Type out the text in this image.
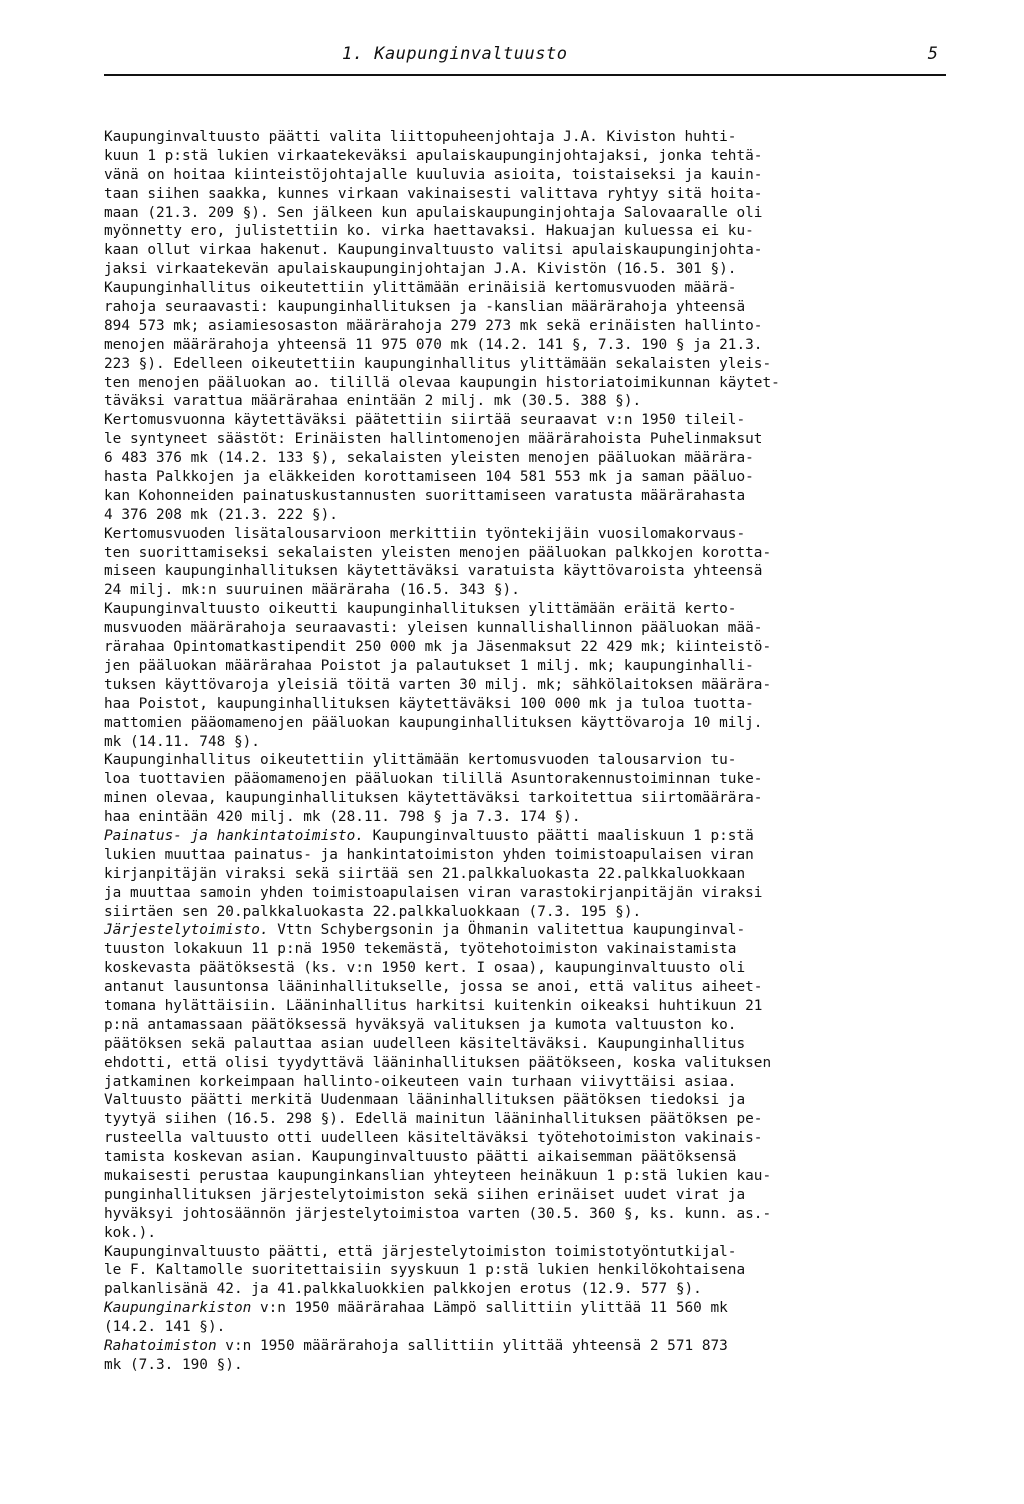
1. Kaupunginvaltuusto	5
Kaupunginvaltuusto päätti valita liittopuheenjohtaja J.A. Kiviston huhti-
kuun 1 p:stä lukien virkaatekeväksi apulaiskaupunginjohtajaksi, jonka tehtä-
vänä on hoitaa kiinteistöjohtajalle kuuluvia asioita, toistaiseksi ja kauin-
taan siihen saakka, kunnes virkaan vakinaisesti valittava ryhtyy sitä hoita-
maan (21.3. 209 §). Sen jälkeen kun apulaiskaupunginjohtaja Salovaaralle oli
myönnetty ero, julistettiin ko. virka haettavaksi. Hakuajan kuluessa ei ku-
kaan ollut virkaa hakenut. Kaupunginvaltuusto valitsi apulaiskaupunginjohta-
jaksi virkaatekevän apulaiskaupunginjohtajan J.A. Kivistön (16.5. 301 §).
Kaupunginhallitus oikeutettiin ylittämään erinäisiä kertomusvuoden määrä-
rahoja seuraavasti: kaupunginhallituksen ja -kanslian määrärahoja yhteensä
894 573 mk; asiamiesosaston määrärahoja 279 273 mk sekä erinäisten hallinto-
menojen määrärahoja yhteensä 11 975 070 mk (14.2. 141 §, 7.3. 190 § ja 21.3.
223 §). Edelleen oikeutettiin kaupunginhallitus ylittämään sekalaisten yleis-
ten menojen pääluokan ao. tilillä olevaa kaupungin historiatoimikunnan käytet-
täväksi varattua määrärahaa enintään 2 milj. mk (30.5. 388 §).
Kertomusvuonna käytettäväksi päätettiin siirtää seuraavat v:n 1950 tileil-
le syntyneet säästöt: Erinäisten hallintomenojen määrärahoista Puhelinmaksut
6 483 376 mk (14.2. 133 §), sekalaisten yleisten menojen pääluokan määrära-
hasta Palkkojen ja eläkkeiden korottamiseen 104 581 553 mk ja saman pääluo-
kan Kohonneiden painatuskustannusten suorittamiseen varatusta määrärahasta
4 376 208 mk (21.3. 222 §).
Kertomusvuoden lisätalousarvioon merkittiin työntekijäin vuosilomakorvaus-
ten suorittamiseksi sekalaisten yleisten menojen pääluokan palkkojen korotta-
miseen kaupunginhallituksen käytettäväksi varatuista käyttövaroista yhteensä
24 milj. mk:n suuruinen määräraha (16.5. 343 §).
Kaupunginvaltuusto oikeutti kaupunginhallituksen ylittämään eräitä kerto-
musvuoden määrärahoja seuraavasti: yleisen kunnallishallinnon pääluokan mää-
rärahaa Opintomatkastipendit 250 000 mk ja Jäsenmaksut 22 429 mk; kiinteistö-
jen pääluokan määrärahaa Poistot ja palautukset 1 milj. mk; kaupunginhalli-
tuksen käyttövaroja yleisiä töitä varten 30 milj. mk; sähkölaitoksen määrära-
haa Poistot, kaupunginhallituksen käytettäväksi 100 000 mk ja tuloa tuotta-
mattomien pääomamenojen pääluokan kaupunginhallituksen käyttövaroja 10 milj.
mk (14.11. 748 §).
Kaupunginhallitus oikeutettiin ylittämään kertomusvuoden talousarvion tu-
loa tuottavien pääomamenojen pääluokan tilillä Asuntorakennustoiminnan tuke-
minen olevaa, kaupunginhallituksen käytettäväksi tarkoitettua siirtomäärära-
haa enintään 420 milj. mk (28.11. 798 § ja 7.3. 174 §).
Painatus- ja hankintatoimisto. Kaupunginvaltuusto päätti maaliskuun 1 p:stä
lukien muuttaa painatus- ja hankintatoimiston yhden toimistoapulaisen viran
kirjanpitäjän viraksi sekä siirtää sen 21.palkkaluokasta 22.palkkaluokkaan
ja muuttaa samoin yhden toimistoapulaisen viran varastokirjanpitäjän viraksi
siirtäen sen 20.palkkaluokasta 22.palkkaluokkaan (7.3. 195 §).
Järjestelytoimisto. Vttn Schybergsonin ja Öhmanin valitettua kaupunginval-
tuuston lokakuun 11 p:nä 1950 tekemästä, työtehotoimiston vakinaistamista
koskevasta päätöksestä (ks. v:n 1950 kert. I osaa), kaupunginvaltuusto oli
antanut lausuntonsa lääninhallitukselle, jossa se anoi, että valitus aiheet-
tomana hylättäisiin. Lääninhallitus harkitsi kuitenkin oikeaksi huhtikuun 21
p:nä antamassaan päätöksessä hyväksyä valituksen ja kumota valtuuston ko.
päätöksen sekä palauttaa asian uudelleen käsiteltäväksi. Kaupunginhallitus
ehdotti, että olisi tyydyttävä lääninhallituksen päätökseen, koska valituksen
jatkaminen korkeimpaan hallinto-oikeuteen vain turhaan viivyttäisi asiaa.
Valtuusto päätti merkitä Uudenmaan lääninhallituksen päätöksen tiedoksi ja
tyytyä siihen (16.5. 298 §). Edellä mainitun lääninhallituksen päätöksen pe-
rusteella valtuusto otti uudelleen käsiteltäväksi työtehotoimiston vakinais-
tamista koskevan asian. Kaupunginvaltuusto päätti aikaisemman päätöksensä
mukaisesti perustaa kaupunginkanslian yhteyteen heinäkuun 1 p:stä lukien kau-
punginhallituksen järjestelytoimiston sekä siihen erinäiset uudet virat ja
hyväksyi johtosäännön järjestelytoimistoa varten (30.5. 360 §, ks. kunn. as.-
kok.).
Kaupunginvaltuusto päätti, että järjestelytoimiston toimistotyöntutkijal-
le F. Kaltamolle suoritettaisiin syyskuun 1 p:stä lukien henkilökohtaisena
palkanlisänä 42. ja 41.palkkaluokkien palkkojen erotus (12.9. 577 §).
Kaupunginarkiston v:n 1950 määrärahaa Lämpö sallittiin ylittää 11 560 mk
(14.2. 141 §).
Rahatoimiston v:n 1950 määrärahoja sallittiin ylittää yhteensä 2 571 873
mk (7.3. 190 §).
